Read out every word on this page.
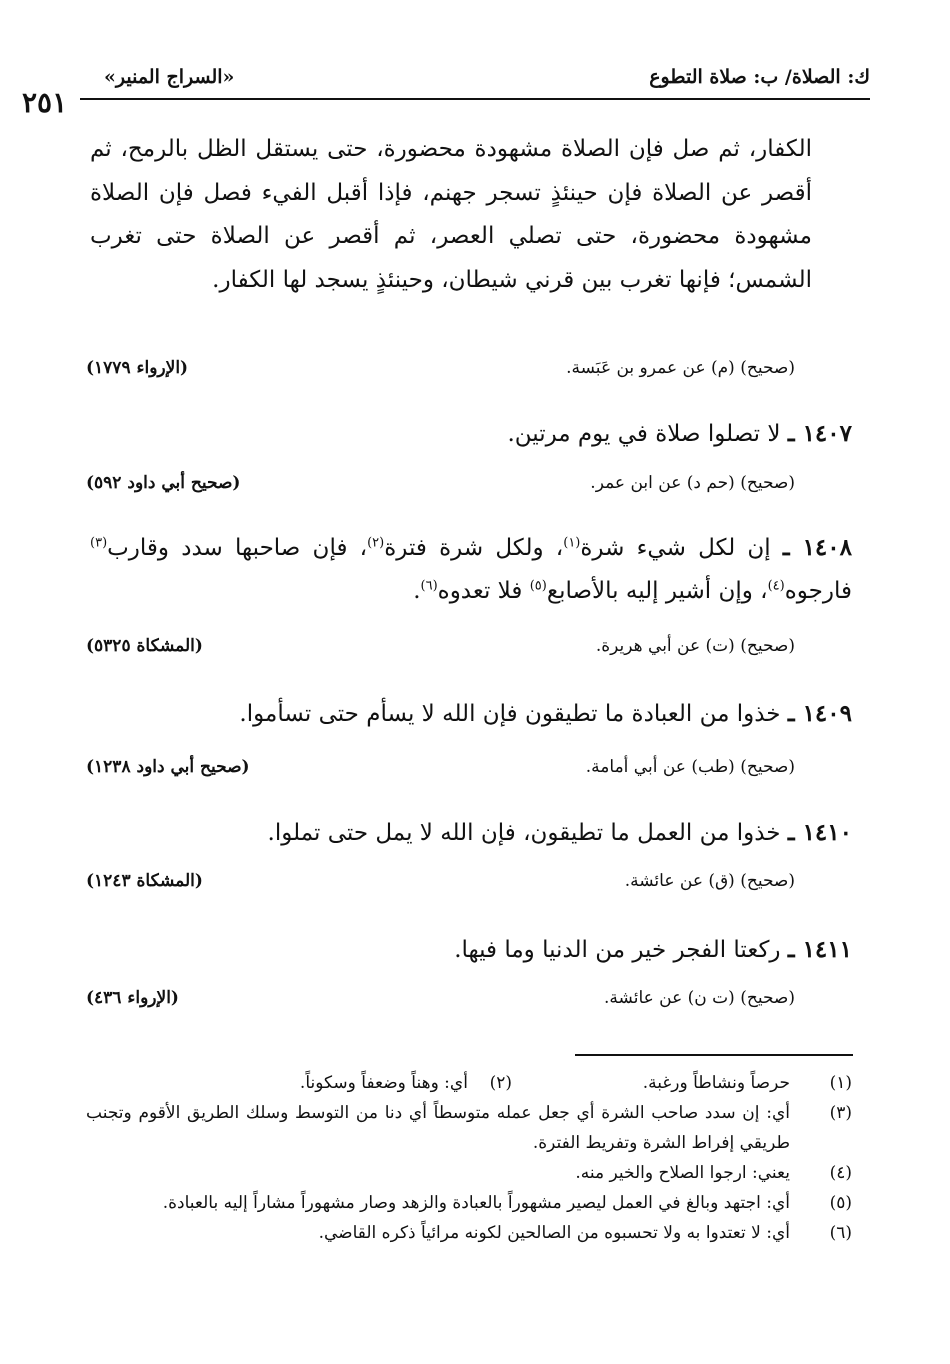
٢٥١
«السراج المنير»	ك: الصلاة/ ب: صلاة التطوع
الكفار، ثم صل فإن الصلاة مشهودة محضورة، حتى يستقل الظل بالرمح، ثم أقصر عن الصلاة فإن حينئذٍ تسجر جهنم، فإذا أقبل الفيء فصل فإن الصلاة مشهودة محضورة، حتى تصلي العصر، ثم أقصر عن الصلاة حتى تغرب الشمس؛ فإنها تغرب بين قرني شيطان، وحينئذٍ يسجد لها الكفار.
(صحيح) (م) عن عمرو بن عَبَسة.
(الإرواء ١٧٧٩)
١٤٠٧ ـ لا تصلوا صلاة في يوم مرتين.
(صحيح) (حم د) عن ابن عمر.
(صحيح أبي داود ٥٩٢)
١٤٠٨ ـ إن لكل شيء شرة$^{(١)}$، ولكل شرة فترة$^{(٢)}$، فإن صاحبها سدد وقارب$^{(٣)}$ فارجوه$^{(٤)}$، وإن أشير إليه بالأصابع$^{(٥)}$ فلا تعدوه$^{(٦)}$.
(صحيح) (ت) عن أبي هريرة.
(المشكاة ٥٣٢٥)
١٤٠٩ ـ خذوا من العبادة ما تطيقون فإن الله لا يسأم حتى تسأموا.
(صحيح) (طب) عن أبي أمامة.
(صحيح أبي داود ١٢٣٨)
١٤١٠ ـ خذوا من العمل ما تطيقون، فإن الله لا يمل حتى تملوا.
(صحيح) (ق) عن عائشة.
(المشكاة ١٢٤٣)
١٤١١ ـ ركعتا الفجر خير من الدنيا وما فيها.
(صحيح) (ت ن) عن عائشة.
(الإرواء ٤٣٦)
(١)
حرصاً ونشاطاً ورغبة.
(٢)    أي: وهناً وضعفاً وسكوناً.
(٣)
أي: إن سدد صاحب الشرة أي جعل عمله متوسطاً أي دنا من التوسط وسلك الطريق الأقوم وتجنب طريقي إفراط الشرة وتفريط الفترة.
(٤)
يعني: ارجوا الصلاح والخير منه.
(٥)
أي: اجتهد وبالغ في العمل ليصير مشهوراً بالعبادة والزهد وصار مشهوراً مشاراً إليه بالعبادة.
(٦)
أي: لا تعتدوا به ولا تحسبوه من الصالحين لكونه مرائياً ذكره القاضي.
